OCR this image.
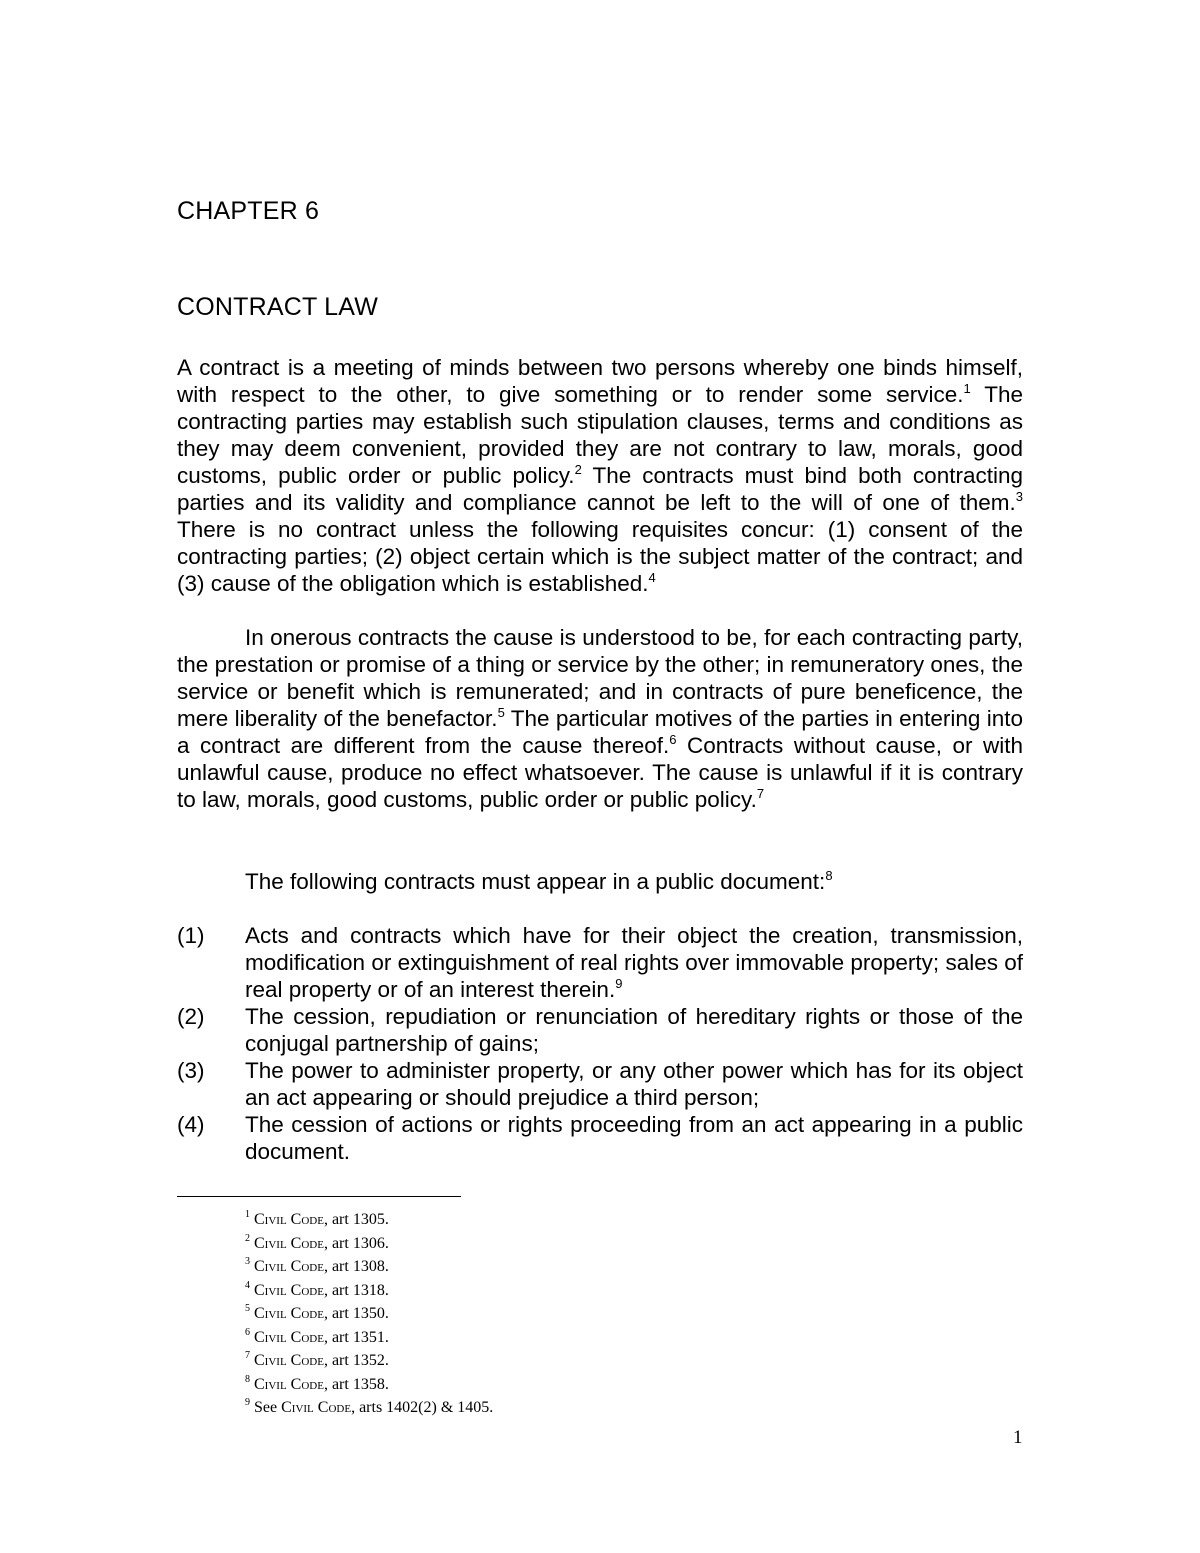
CHAPTER 6
CONTRACT LAW

A contract is a meeting of minds between two persons whereby one binds himself, with respect to the other, to give something or to render some service.$^1$ The contracting parties may establish such stipulation clauses, terms and conditions as they may deem convenient, provided they are not contrary to law, morals, good customs, public order or public policy.$^2$ The contracts must bind both contracting parties and its validity and compliance cannot be left to the will of one of them.$^3$ There is no contract unless the following requisites concur: (1) consent of the contracting parties; (2) object certain which is the subject matter of the contract; and (3) cause of the obligation which is established.$^4$

In onerous contracts the cause is understood to be, for each contracting party, the prestation or promise of a thing or service by the other; in remuneratory ones, the service or benefit which is remunerated; and in contracts of pure beneficence, the mere liberality of the benefactor.$^5$ The particular motives of the parties in entering into a contract are different from the cause thereof.$^6$ Contracts without cause, or with unlawful cause, produce no effect whatsoever. The cause is unlawful if it is contrary to law, morals, good customs, public order or public policy.$^7$

The following contracts must appear in a public document:$^8$

(1)	Acts and contracts which have for their object the creation, transmission, modification or extinguishment of real rights over immovable property; sales of real property or of an interest therein.$^9$
(2)	The cession, repudiation or renunciation of hereditary rights or those of the conjugal partnership of gains;
(3)	The power to administer property, or any other power which has for its object an act appearing or should prejudice a third person;
(4)	The cession of actions or rights proceeding from an act appearing in a public document.
$^1$ Civil Code, art 1305.
$^2$ Civil Code, art 1306.
$^3$ Civil Code, art 1308.
$^4$ Civil Code, art 1318.
$^5$ Civil Code, art 1350.
$^6$ Civil Code, art 1351.
$^7$ Civil Code, art 1352.
$^8$ Civil Code, art 1358.
$^9$ See Civil Code, arts 1402(2) & 1405.
1
